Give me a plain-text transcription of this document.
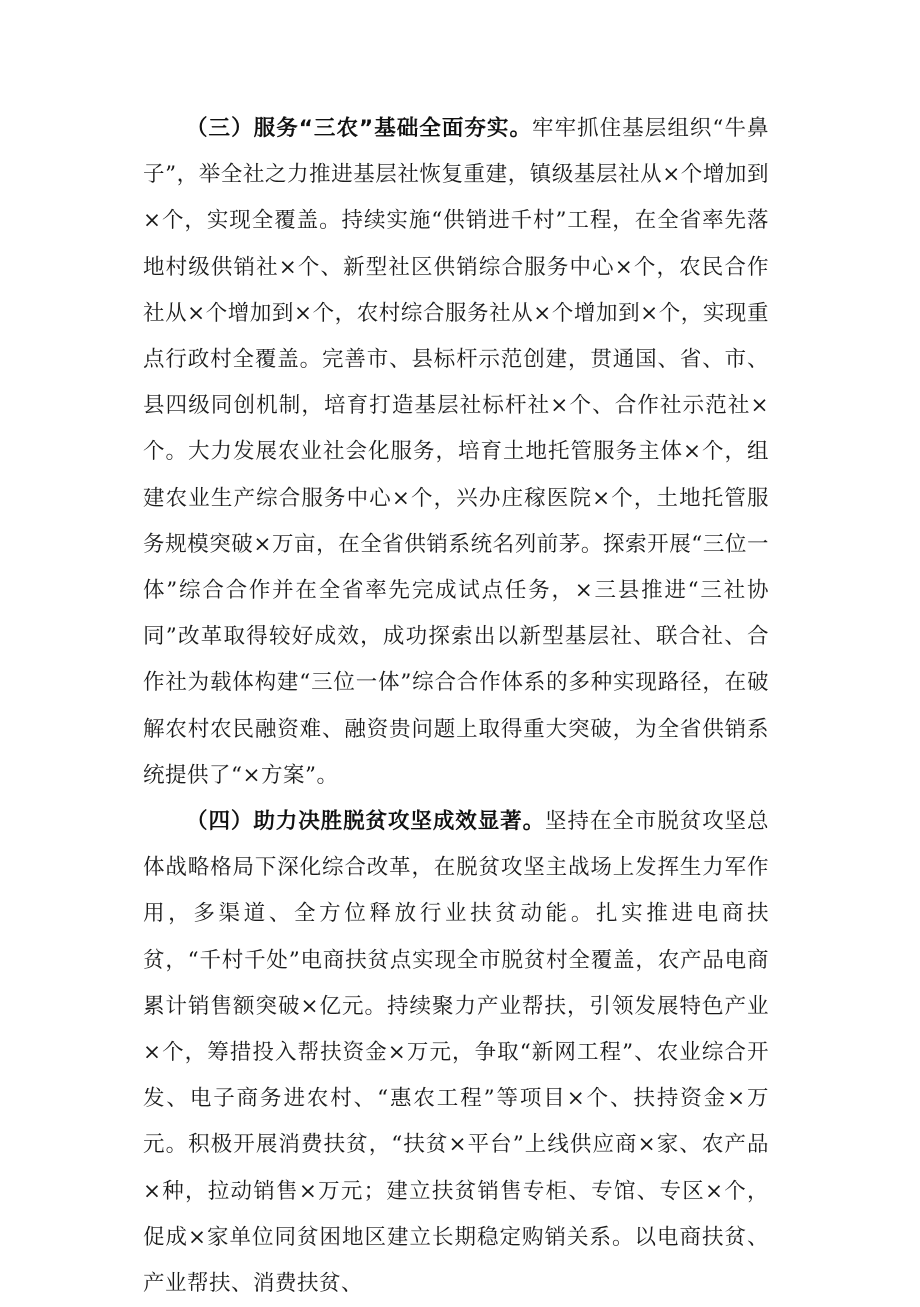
（三）服务“三农”基础全面夯实。牢牢抓住基层组织“牛鼻子”，举全社之力推进基层社恢复重建，镇级基层社从×个增加到×个，实现全覆盖。持续实施“供销进千村”工程，在全省率先落地村级供销社×个、新型社区供销综合服务中心×个，农民合作社从×个增加到×个，农村综合服务社从×个增加到×个，实现重点行政村全覆盖。完善市、县标杆示范创建，贯通国、省、市、县四级同创机制，培育打造基层社标杆社×个、合作社示范社×个。大力发展农业社会化服务，培育土地托管服务主体×个，组建农业生产综合服务中心×个，兴办庄稼医院×个，土地托管服务规模突破×万亩，在全省供销系统名列前茅。探索开展“三位一体”综合合作并在全省率先完成试点任务，×三县推进“三社协同”改革取得较好成效，成功探索出以新型基层社、联合社、合作社为载体构建“三位一体”综合合作体系的多种实现路径，在破解农村农民融资难、融资贵问题上取得重大突破，为全省供销系统提供了“×方案”。

（四）助力决胜脱贫攻坚成效显著。坚持在全市脱贫攻坚总体战略格局下深化综合改革，在脱贫攻坚主战场上发挥生力军作用，多渠道、全方位释放行业扶贫动能。扎实推进电商扶贫，“千村千处”电商扶贫点实现全市脱贫村全覆盖，农产品电商累计销售额突破×亿元。持续聚力产业帮扶，引领发展特色产业×个，筹措投入帮扶资金×万元，争取“新网工程”、农业综合开发、电子商务进农村、“惠农工程”等项目×个、扶持资金×万元。积极开展消费扶贫，“扶贫×平台”上线供应商×家、农产品×种，拉动销售×万元；建立扶贫销售专柜、专馆、专区×个，促成×家单位同贫困地区建立长期稳定购销关系。以电商扶贫、产业帮扶、消费扶贫、
